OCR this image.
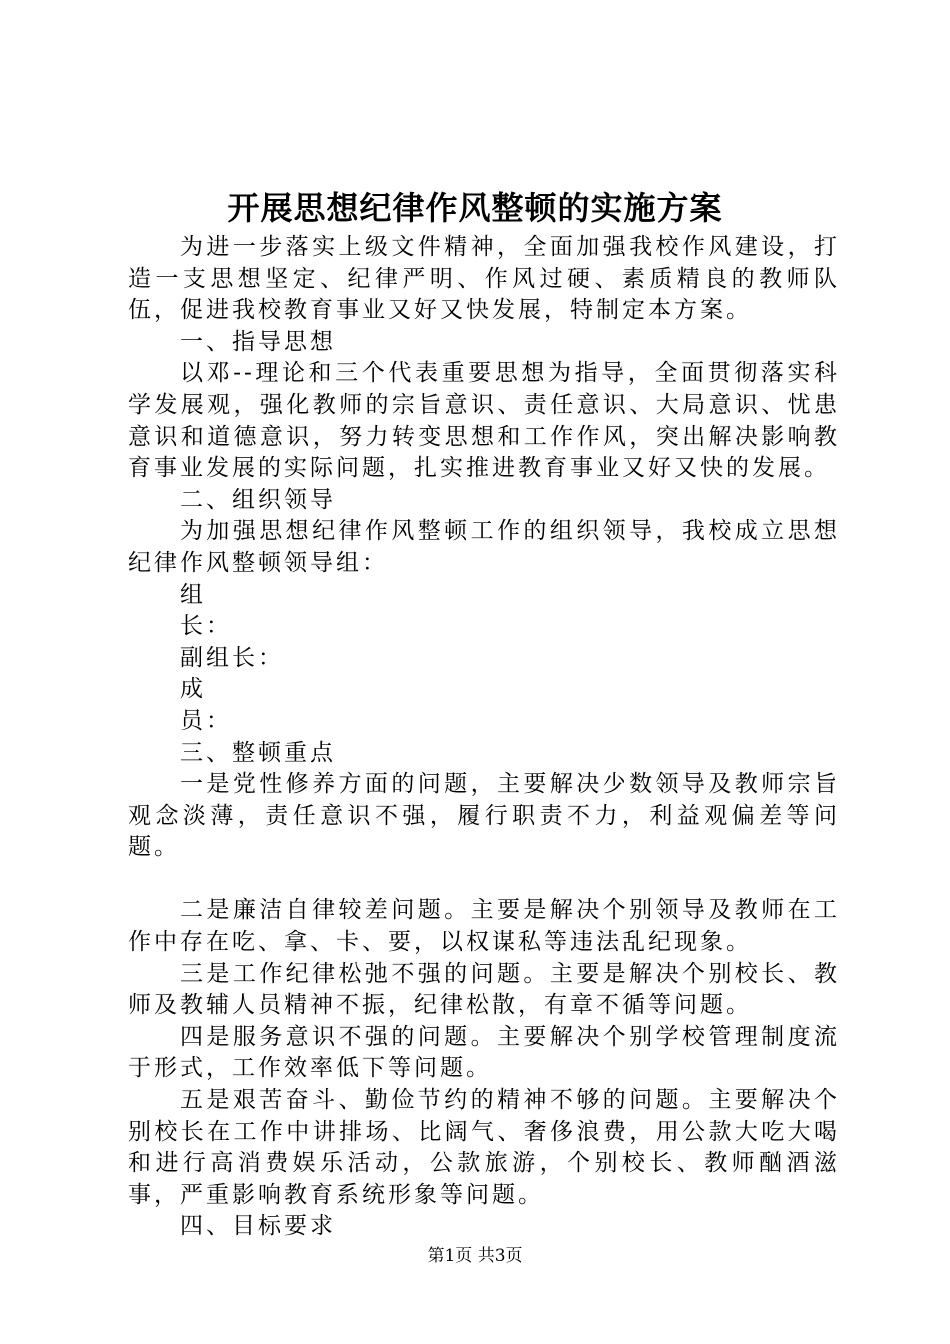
开展思想纪律作风整顿的实施方案

为进一步落实上级文件精神，全面加强我校作风建设，打造一支思想坚定、纪律严明、作风过硬、素质精良的教师队伍，促进我校教育事业又好又快发展，特制定本方案。

一、指导思想

以邓--理论和三个代表重要思想为指导，全面贯彻落实科学发展观，强化教师的宗旨意识、责任意识、大局意识、忧患意识和道德意识，努力转变思想和工作作风，突出解决影响教育事业发展的实际问题，扎实推进教育事业又好又快的发展。

二、组织领导

为加强思想纪律作风整顿工作的组织领导，我校成立思想纪律作风整顿领导组：

组长：

副组长：

成员：

三、整顿重点

一是党性修养方面的问题，主要解决少数领导及教师宗旨观念淡薄，责任意识不强，履行职责不力，利益观偏差等问题。

二是廉洁自律较差问题。主要是解决个别领导及教师在工作中存在吃、拿、卡、要，以权谋私等违法乱纪现象。

三是工作纪律松弛不强的问题。主要是解决个别校长、教师及教辅人员精神不振，纪律松散，有章不循等问题。

四是服务意识不强的问题。主要解决个别学校管理制度流于形式，工作效率低下等问题。

五是艰苦奋斗、勤俭节约的精神不够的问题。主要解决个别校长在工作中讲排场、比阔气、奢侈浪费，用公款大吃大喝和进行高消费娱乐活动，公款旅游，个别校长、教师酗酒滋事，严重影响教育系统形象等问题。

四、目标要求

第1页 共3页
